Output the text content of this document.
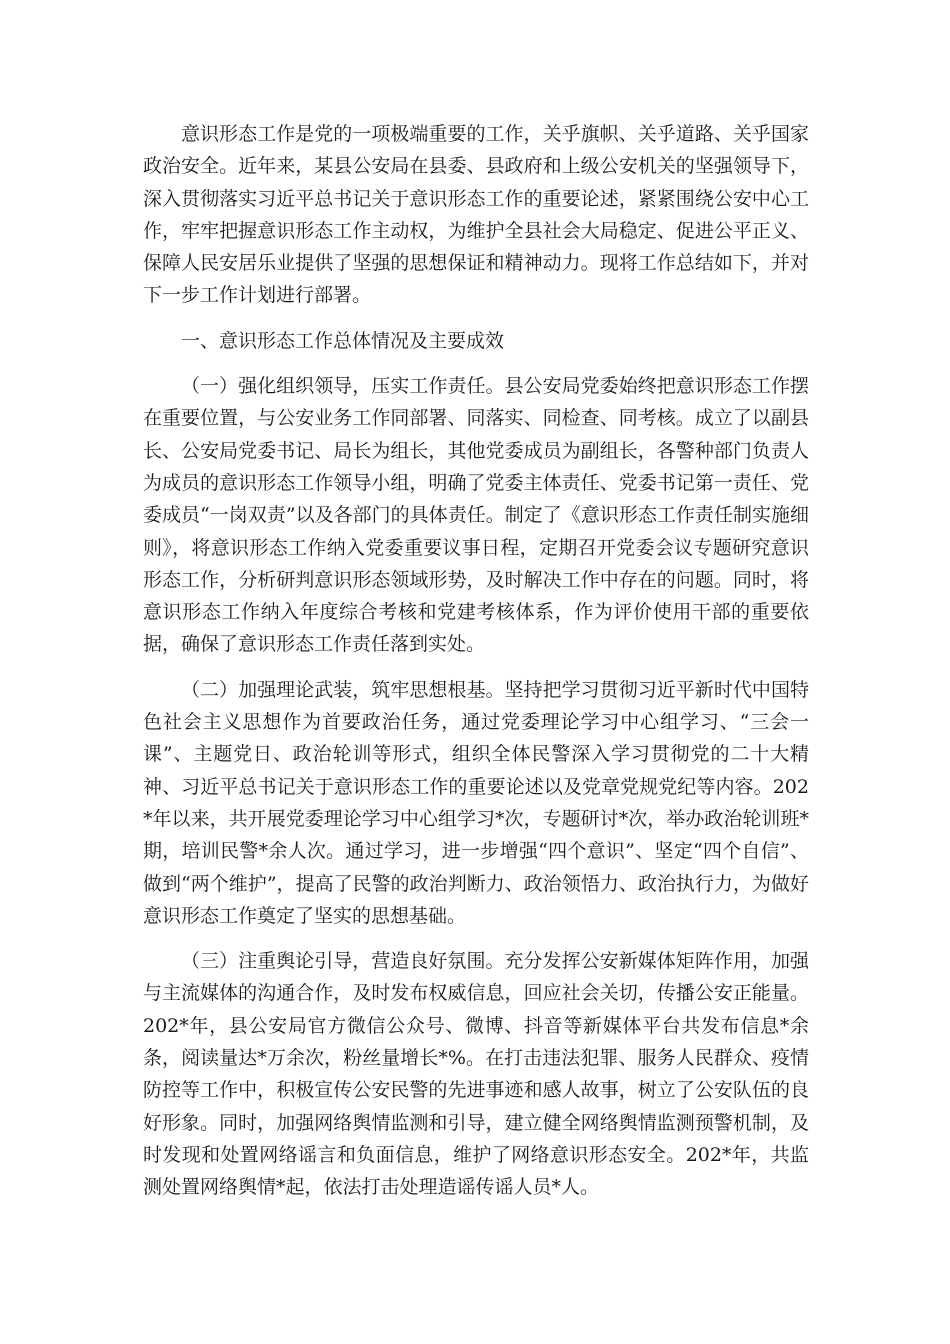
意识形态工作是党的一项极端重要的工作，关乎旗帜、关乎道路、关乎国家政治安全。近年来，某县公安局在县委、县政府和上级公安机关的坚强领导下，深入贯彻落实习近平总书记关于意识形态工作的重要论述，紧紧围绕公安中心工作，牢牢把握意识形态工作主动权，为维护全县社会大局稳定、促进公平正义、保障人民安居乐业提供了坚强的思想保证和精神动力。现将工作总结如下，并对下一步工作计划进行部署。

一、意识形态工作总体情况及主要成效

（一）强化组织领导，压实工作责任。县公安局党委始终把意识形态工作摆在重要位置，与公安业务工作同部署、同落实、同检查、同考核。成立了以副县长、公安局党委书记、局长为组长，其他党委成员为副组长，各警种部门负责人为成员的意识形态工作领导小组，明确了党委主体责任、党委书记第一责任、党委成员“一岗双责”以及各部门的具体责任。制定了《意识形态工作责任制实施细则》，将意识形态工作纳入党委重要议事日程，定期召开党委会议专题研究意识形态工作，分析研判意识形态领域形势，及时解决工作中存在的问题。同时，将意识形态工作纳入年度综合考核和党建考核体系，作为评价使用干部的重要依据，确保了意识形态工作责任落到实处。

（二）加强理论武装，筑牢思想根基。坚持把学习贯彻习近平新时代中国特色社会主义思想作为首要政治任务，通过党委理论学习中心组学习、“三会一课”、主题党日、政治轮训等形式，组织全体民警深入学习贯彻党的二十大精神、习近平总书记关于意识形态工作的重要论述以及党章党规党纪等内容。202*年以来，共开展党委理论学习中心组学习*次，专题研讨*次，举办政治轮训班*期，培训民警*余人次。通过学习，进一步增强“四个意识”、坚定“四个自信”、做到“两个维护”，提高了民警的政治判断力、政治领悟力、政治执行力，为做好意识形态工作奠定了坚实的思想基础。

（三）注重舆论引导，营造良好氛围。充分发挥公安新媒体矩阵作用，加强与主流媒体的沟通合作，及时发布权威信息，回应社会关切，传播公安正能量。202*年，县公安局官方微信公众号、微博、抖音等新媒体平台共发布信息*余条，阅读量达*万余次，粉丝量增长*%。在打击违法犯罪、服务人民群众、疫情防控等工作中，积极宣传公安民警的先进事迹和感人故事，树立了公安队伍的良好形象。同时，加强网络舆情监测和引导，建立健全网络舆情监测预警机制，及时发现和处置网络谣言和负面信息，维护了网络意识形态安全。202*年，共监测处置网络舆情*起，依法打击处理造谣传谣人员*人。
